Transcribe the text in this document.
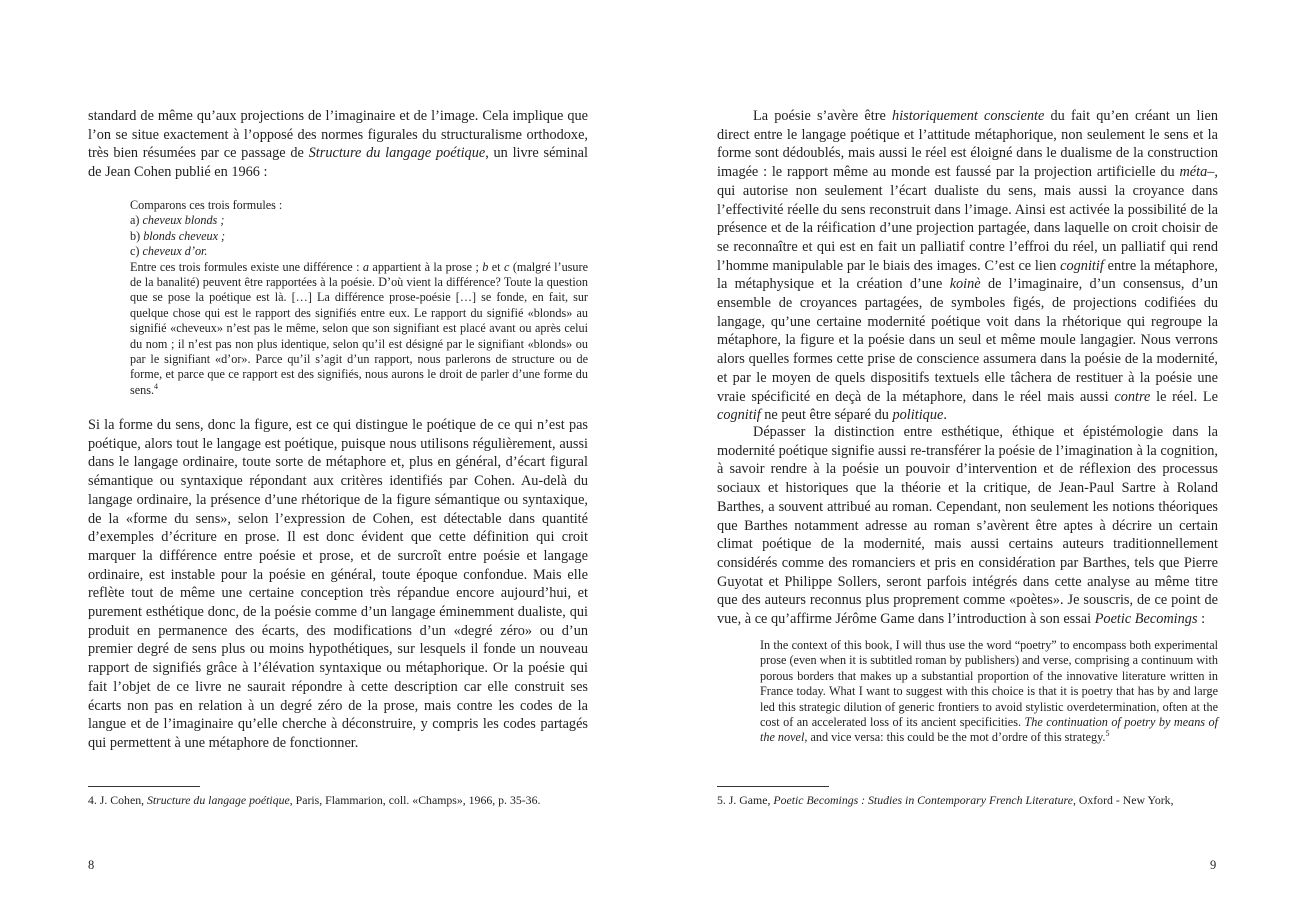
standard de même qu’aux projections de l’imaginaire et de l’image. Cela implique que l’on se situe exactement à l’opposé des normes figurales du structuralisme orthodoxe, très bien résumées par ce passage de Structure du langage poétique, un livre séminal de Jean Cohen publié en 1966 :

Comparons ces trois formules :
a) cheveux blonds ;
b) blonds cheveux ;
c) cheveux d’or.
Entre ces trois formules existe une différence : a appartient à la prose ; b et c (malgré l’usure de la banalité) peuvent être rapportées à la poésie. D’où vient la différence? Toute la question que se pose la poétique est là. […] La différence prose-poésie […] se fonde, en fait, sur quelque chose qui est le rapport des signifiés entre eux. Le rapport du signifié «blonds» au signifié «cheveux» n’est pas le même, selon que son signifiant est placé avant ou après celui du nom ; il n’est pas non plus identique, selon qu’il est désigné par le signifiant «blonds» ou par le signifiant «d’or». Parce qu’il s’agit d’un rapport, nous parlerons de structure ou de forme, et parce que ce rapport est des signifiés, nous aurons le droit de parler d’une forme du sens.$^4$

Si la forme du sens, donc la figure, est ce qui distingue le poétique de ce qui n’est pas poétique, alors tout le langage est poétique, puisque nous utilisons régulièrement, aussi dans le langage ordinaire, toute sorte de métaphore et, plus en général, d’écart figural sémantique ou syntaxique répondant aux critères identifiés par Cohen. Au-delà du langage ordinaire, la présence d’une rhétorique de la figure sémantique ou syntaxique, de la «forme du sens», selon l’expression de Cohen, est détectable dans quantité d’exemples d’écriture en prose. Il est donc évident que cette définition qui croit marquer la différence entre poésie et prose, et de surcroît entre poésie et langage ordinaire, est instable pour la poésie en général, toute époque confondue. Mais elle reflète tout de même une certaine conception très répandue encore aujourd’hui, et purement esthétique donc, de la poésie comme d’un langage éminemment dualiste, qui produit en permanence des écarts, des modifications d’un «degré zéro» ou d’un premier degré de sens plus ou moins hypothétiques, sur lesquels il fonde un nouveau rapport de signifiés grâce à l’élévation syntaxique ou métaphorique. Or la poésie qui fait l’objet de ce livre ne saurait répondre à cette description car elle construit ses écarts non pas en relation à un degré zéro de la prose, mais contre les codes de la langue et de l’imaginaire qu’elle cherche à déconstruire, y compris les codes partagés qui permettent à une métaphore de fonctionner.

4. J. Cohen, Structure du langage poétique, Paris, Flammarion, coll. «Champs», 1966, p. 35-36.

8

La poésie s’avère être historiquement consciente du fait qu’en créant un lien direct entre le langage poétique et l’attitude métaphorique, non seulement le sens et la forme sont dédoublés, mais aussi le réel est éloigné dans le dualisme de la construction imagée : le rapport même au monde est faussé par la projection artificielle du méta–, qui autorise non seulement l’écart dualiste du sens, mais aussi la croyance dans l’effectivité réelle du sens reconstruit dans l’image. Ainsi est activée la possibilité de la présence et de la réification d’une projection partagée, dans laquelle on croit choisir de se reconnaître et qui est en fait un palliatif contre l’effroi du réel, un palliatif qui rend l’homme manipulable par le biais des images. C’est ce lien cognitif entre la métaphore, la métaphysique et la création d’une koinè de l’imaginaire, d’un consensus, d’un ensemble de croyances partagées, de symboles figés, de projections codifiées du langage, qu’une certaine modernité poétique voit dans la rhétorique qui regroupe la métaphore, la figure et la poésie dans un seul et même moule langagier. Nous verrons alors quelles formes cette prise de conscience assumera dans la poésie de la modernité, et par le moyen de quels dispositifs textuels elle tâchera de restituer à la poésie une vraie spécificité en deçà de la métaphore, dans le réel mais aussi contre le réel. Le cognitif ne peut être séparé du politique.

Dépasser la distinction entre esthétique, éthique et épistémologie dans la modernité poétique signifie aussi re-transférer la poésie de l’imagination à la cognition, à savoir rendre à la poésie un pouvoir d’intervention et de réflexion des processus sociaux et historiques que la théorie et la critique, de Jean-Paul Sartre à Roland Barthes, a souvent attribué au roman. Cependant, non seulement les notions théoriques que Barthes notamment adresse au roman s’avèrent être aptes à décrire un certain climat poétique de la modernité, mais aussi certains auteurs traditionnellement considérés comme des romanciers et pris en considération par Barthes, tels que Pierre Guyotat et Philippe Sollers, seront parfois intégrés dans cette analyse au même titre que des auteurs reconnus plus proprement comme «poètes». Je souscris, de ce point de vue, à ce qu’affirme Jérôme Game dans l’introduction à son essai Poetic Becomings :

In the context of this book, I will thus use the word “poetry” to encompass both experimental prose (even when it is subtitled roman by publishers) and verse, comprising a continuum with porous borders that makes up a substantial proportion of the innovative literature written in France today. What I want to suggest with this choice is that it is poetry that has by and large led this strategic dilution of generic frontiers to avoid stylistic overdetermination, often at the cost of an accelerated loss of its ancient specificities. The continuation of poetry by means of the novel, and vice versa: this could be the mot d’ordre of this strategy.$^5$

5. J. Game, Poetic Becomings : Studies in Contemporary French Literature, Oxford - New York,

9
